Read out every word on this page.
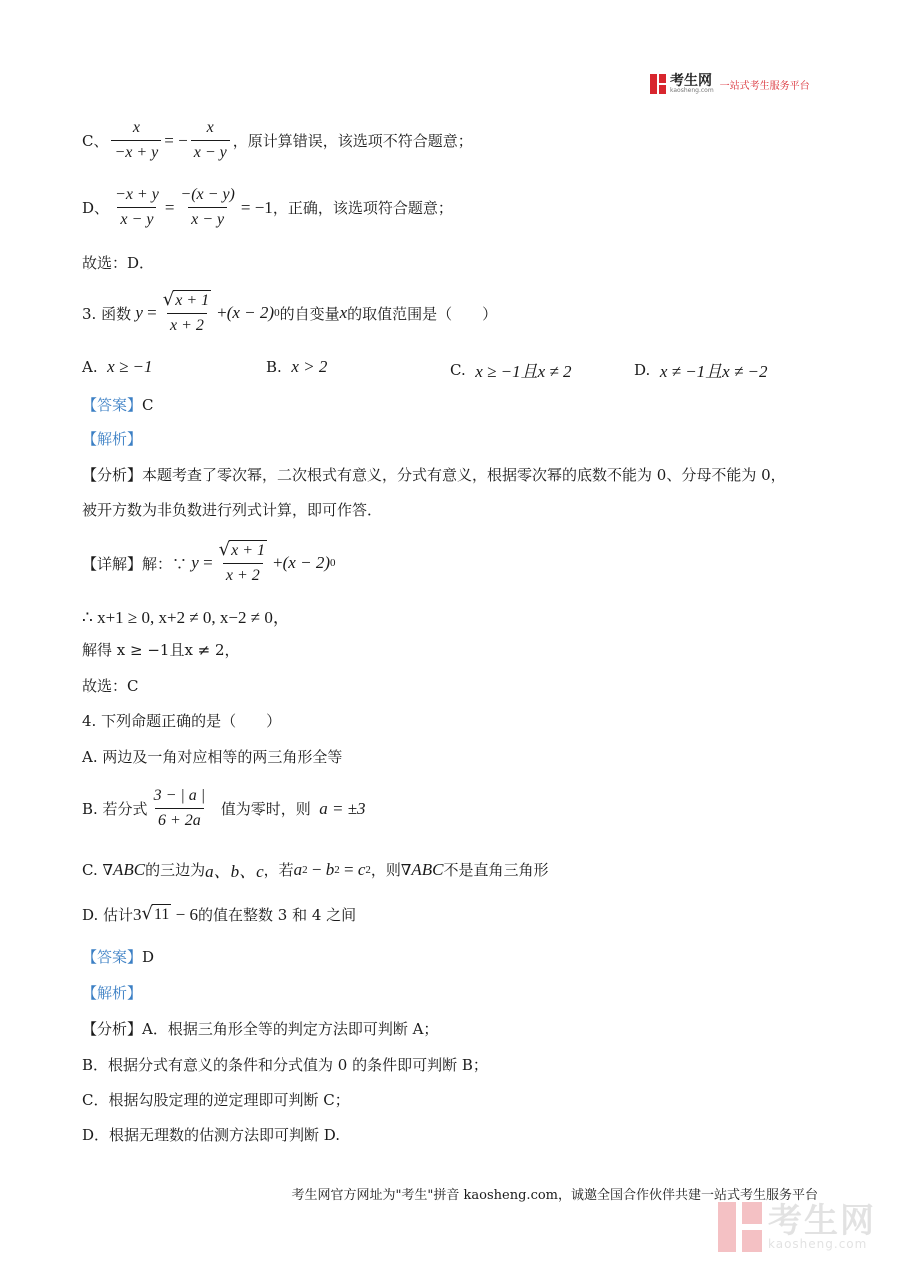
考生网
kaosheng.com 一站式考生服务平台
C、 $\frac{x}{-x + y}$ = − $\frac{x}{x - y}$ ，原计算错误，该选项不符合题意；
D、 $\frac{-x + y}{x - y} = \frac{-(x - y)}{x - y} = -1$ ，正确，该选项符合题意；
故选：D．
3. 函数 $y = \frac{√ x + 1}{x + 2} + (x - 2)$ 0 的自变量 x 的取值范围是（　　）
A.
x ≥ −1	B.
x > 2	C.
x ≥ −1且x ≠ 2	D.
x ≠ −1且x ≠ −2
【答案】 C
【解析】
【分析】本题考查了零次幂，二次根式有意义，分式有意义，根据零次幂的底数不能为 0、分母不能为 0，
被开方数为非负数进行列式计算，即可作答．
【详解】解：∵ $y = \frac{√ x + 1}{x + 2} + (x - 2)$ 0
∴ x+1 ≥ 0, x+2 ≠ 0, x−2 ≠ 0，
解得 x ≥ −1且x ≠ 2，
故选：C
4. 下列命题正确的是（　　）
A. 两边及一角对应相等的两三角形全等
B. 若分式 $\frac{3 - | a |}{6 + 2a}$
值为零时，则
a = ±3
C. ∇ ABC 的三边为 a、b、c ，若 a 2 − b 2 = c 2 ，则∇ ABC 不是直角三角形
D. 估计 3 √ 11 − 6 的值在整数 3 和 4 之间
【答案】 D
【解析】
【分析】A．根据三角形全等的判定方法即可判断 A；
B．根据分式有意义的条件和分式值为 0 的条件即可判断 B；
C．根据勾股定理的逆定理即可判断 C；
D．根据无理数的估测方法即可判断 D.
考生网官方网址为"考生"拼音 kaosheng.com，诚邀全国合作伙伴共建一站式考生服务平台
考生网
kaosheng.com
